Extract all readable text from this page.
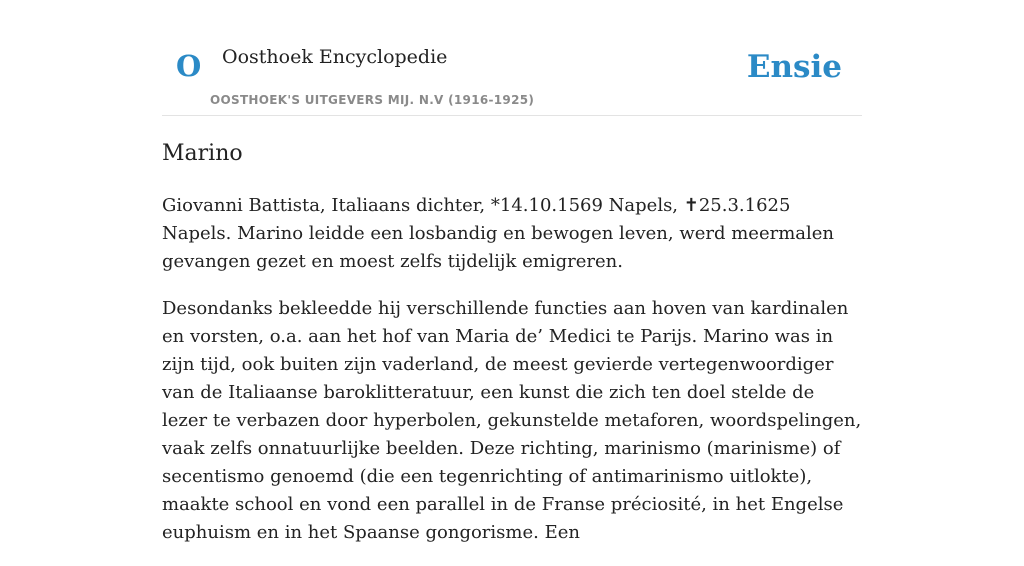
O Oosthoek Encyclopedie
OOSTHOEK'S UITGEVERS MIJ. N.V (1916-1925)
Ensie
Marino

Giovanni Battista, Italiaans dichter, *14.10.1569 Napels, ✝25.3.1625 Napels. Marino leidde een losbandig en bewogen leven, werd meermalen gevangen gezet en moest zelfs tijdelijk emigreren.

Desondanks bekleedde hij verschillende functies aan hoven van kardinalen en vorsten, o.a. aan het hof van Maria de’ Medici te Parijs. Marino was in zijn tijd, ook buiten zijn vaderland, de meest gevierde vertegenwoordiger van de Italiaanse baroklitteratuur, een kunst die zich ten doel stelde de lezer te verbazen door hyperbolen, gekunstelde metaforen, woordspelingen, vaak zelfs onnatuurlijke beelden. Deze richting, marinismo (marinisme) of secentismo genoemd (die een tegenrichting of antimarinismo uitlokte), maakte school en vond een parallel in de Franse préciosité, in het Engelse euphuism en in het Spaanse gongorisme. Een
